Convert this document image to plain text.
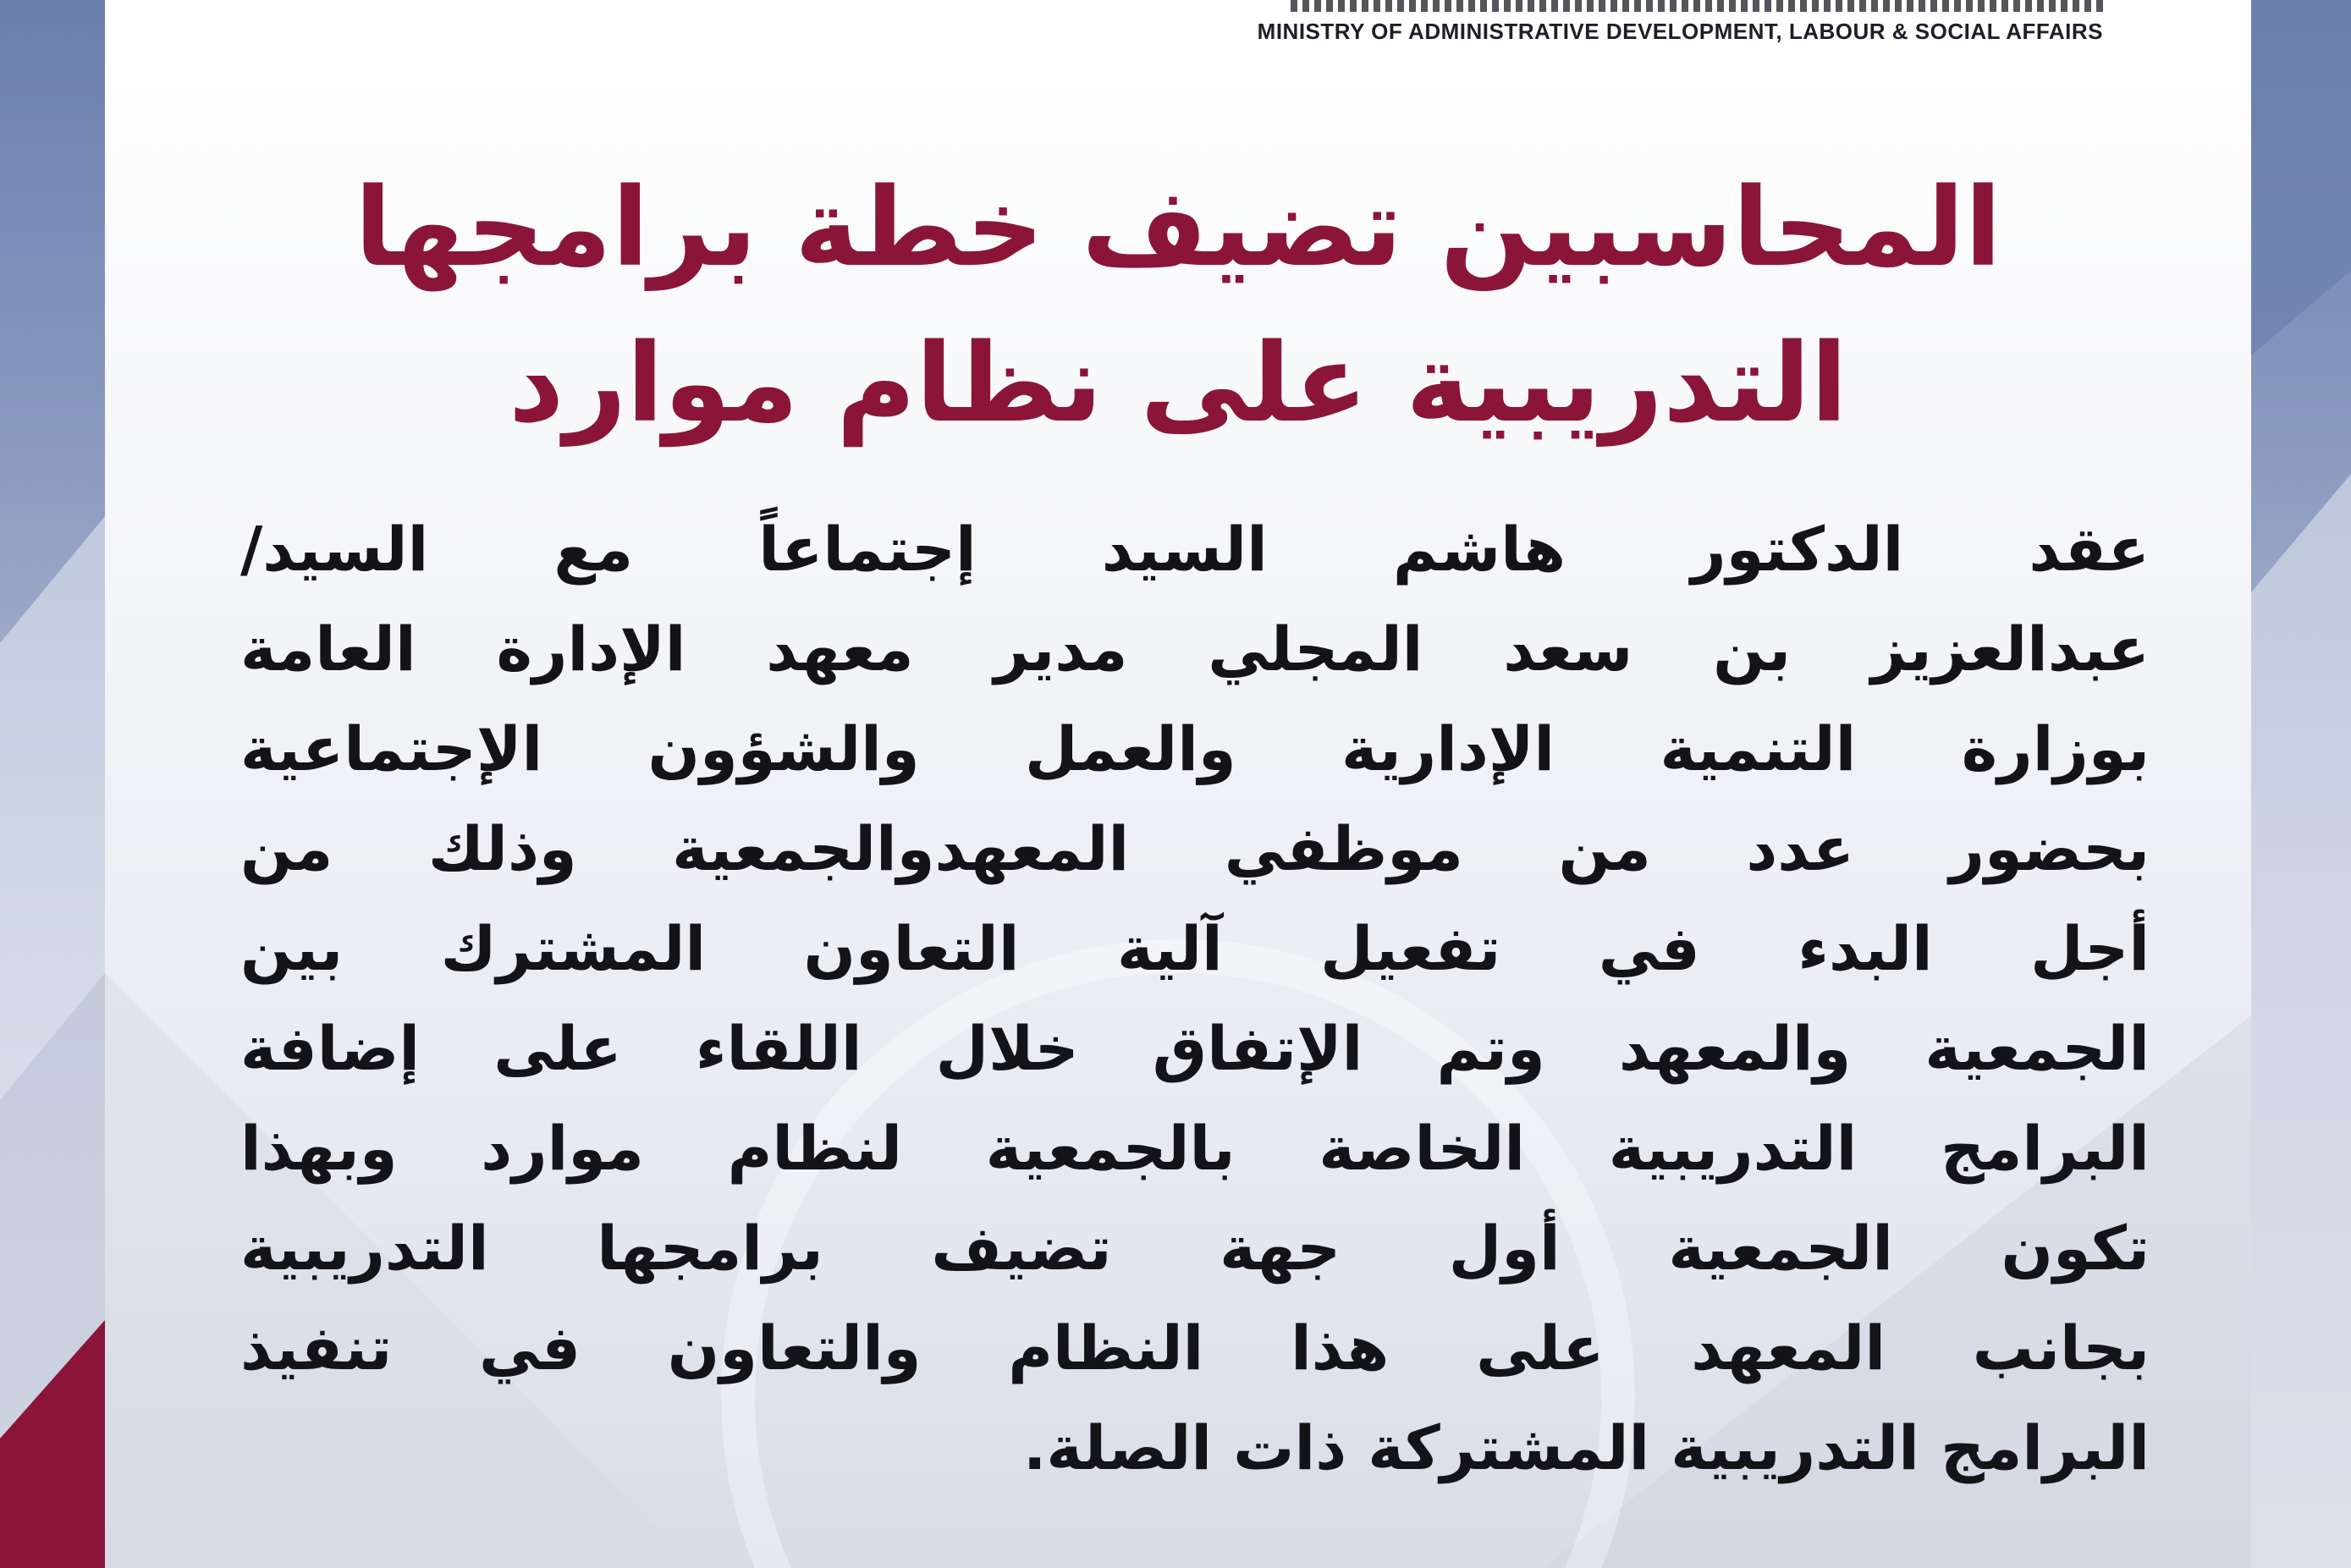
MINISTRY OF ADMINISTRATIVE DEVELOPMENT, LABOUR & SOCIAL AFFAIRS
المحاسبين تضيف خطة برامجها
التدريبية على نظام موارد
عقد الدكتور هاشم السيد إجتماعاً مع السيد/
عبدالعزيز بن سعد المجلي مدير معهد الإدارة العامة
بوزارة التنمية الإدارية والعمل والشؤون الإجتماعية
بحضور عدد من موظفي المعهدوالجمعية وذلك من
أجل البدء في تفعيل آلية التعاون المشترك بين
الجمعية والمعهد وتم الإتفاق خلال اللقاء على إضافة
البرامج التدريبية الخاصة بالجمعية لنظام موارد وبهذا
تكون الجمعية أول جهة تضيف برامجها التدريبية
بجانب المعهد على هذا النظام والتعاون في تنفيذ
البرامج التدريبية المشتركة ذات الصلة.
